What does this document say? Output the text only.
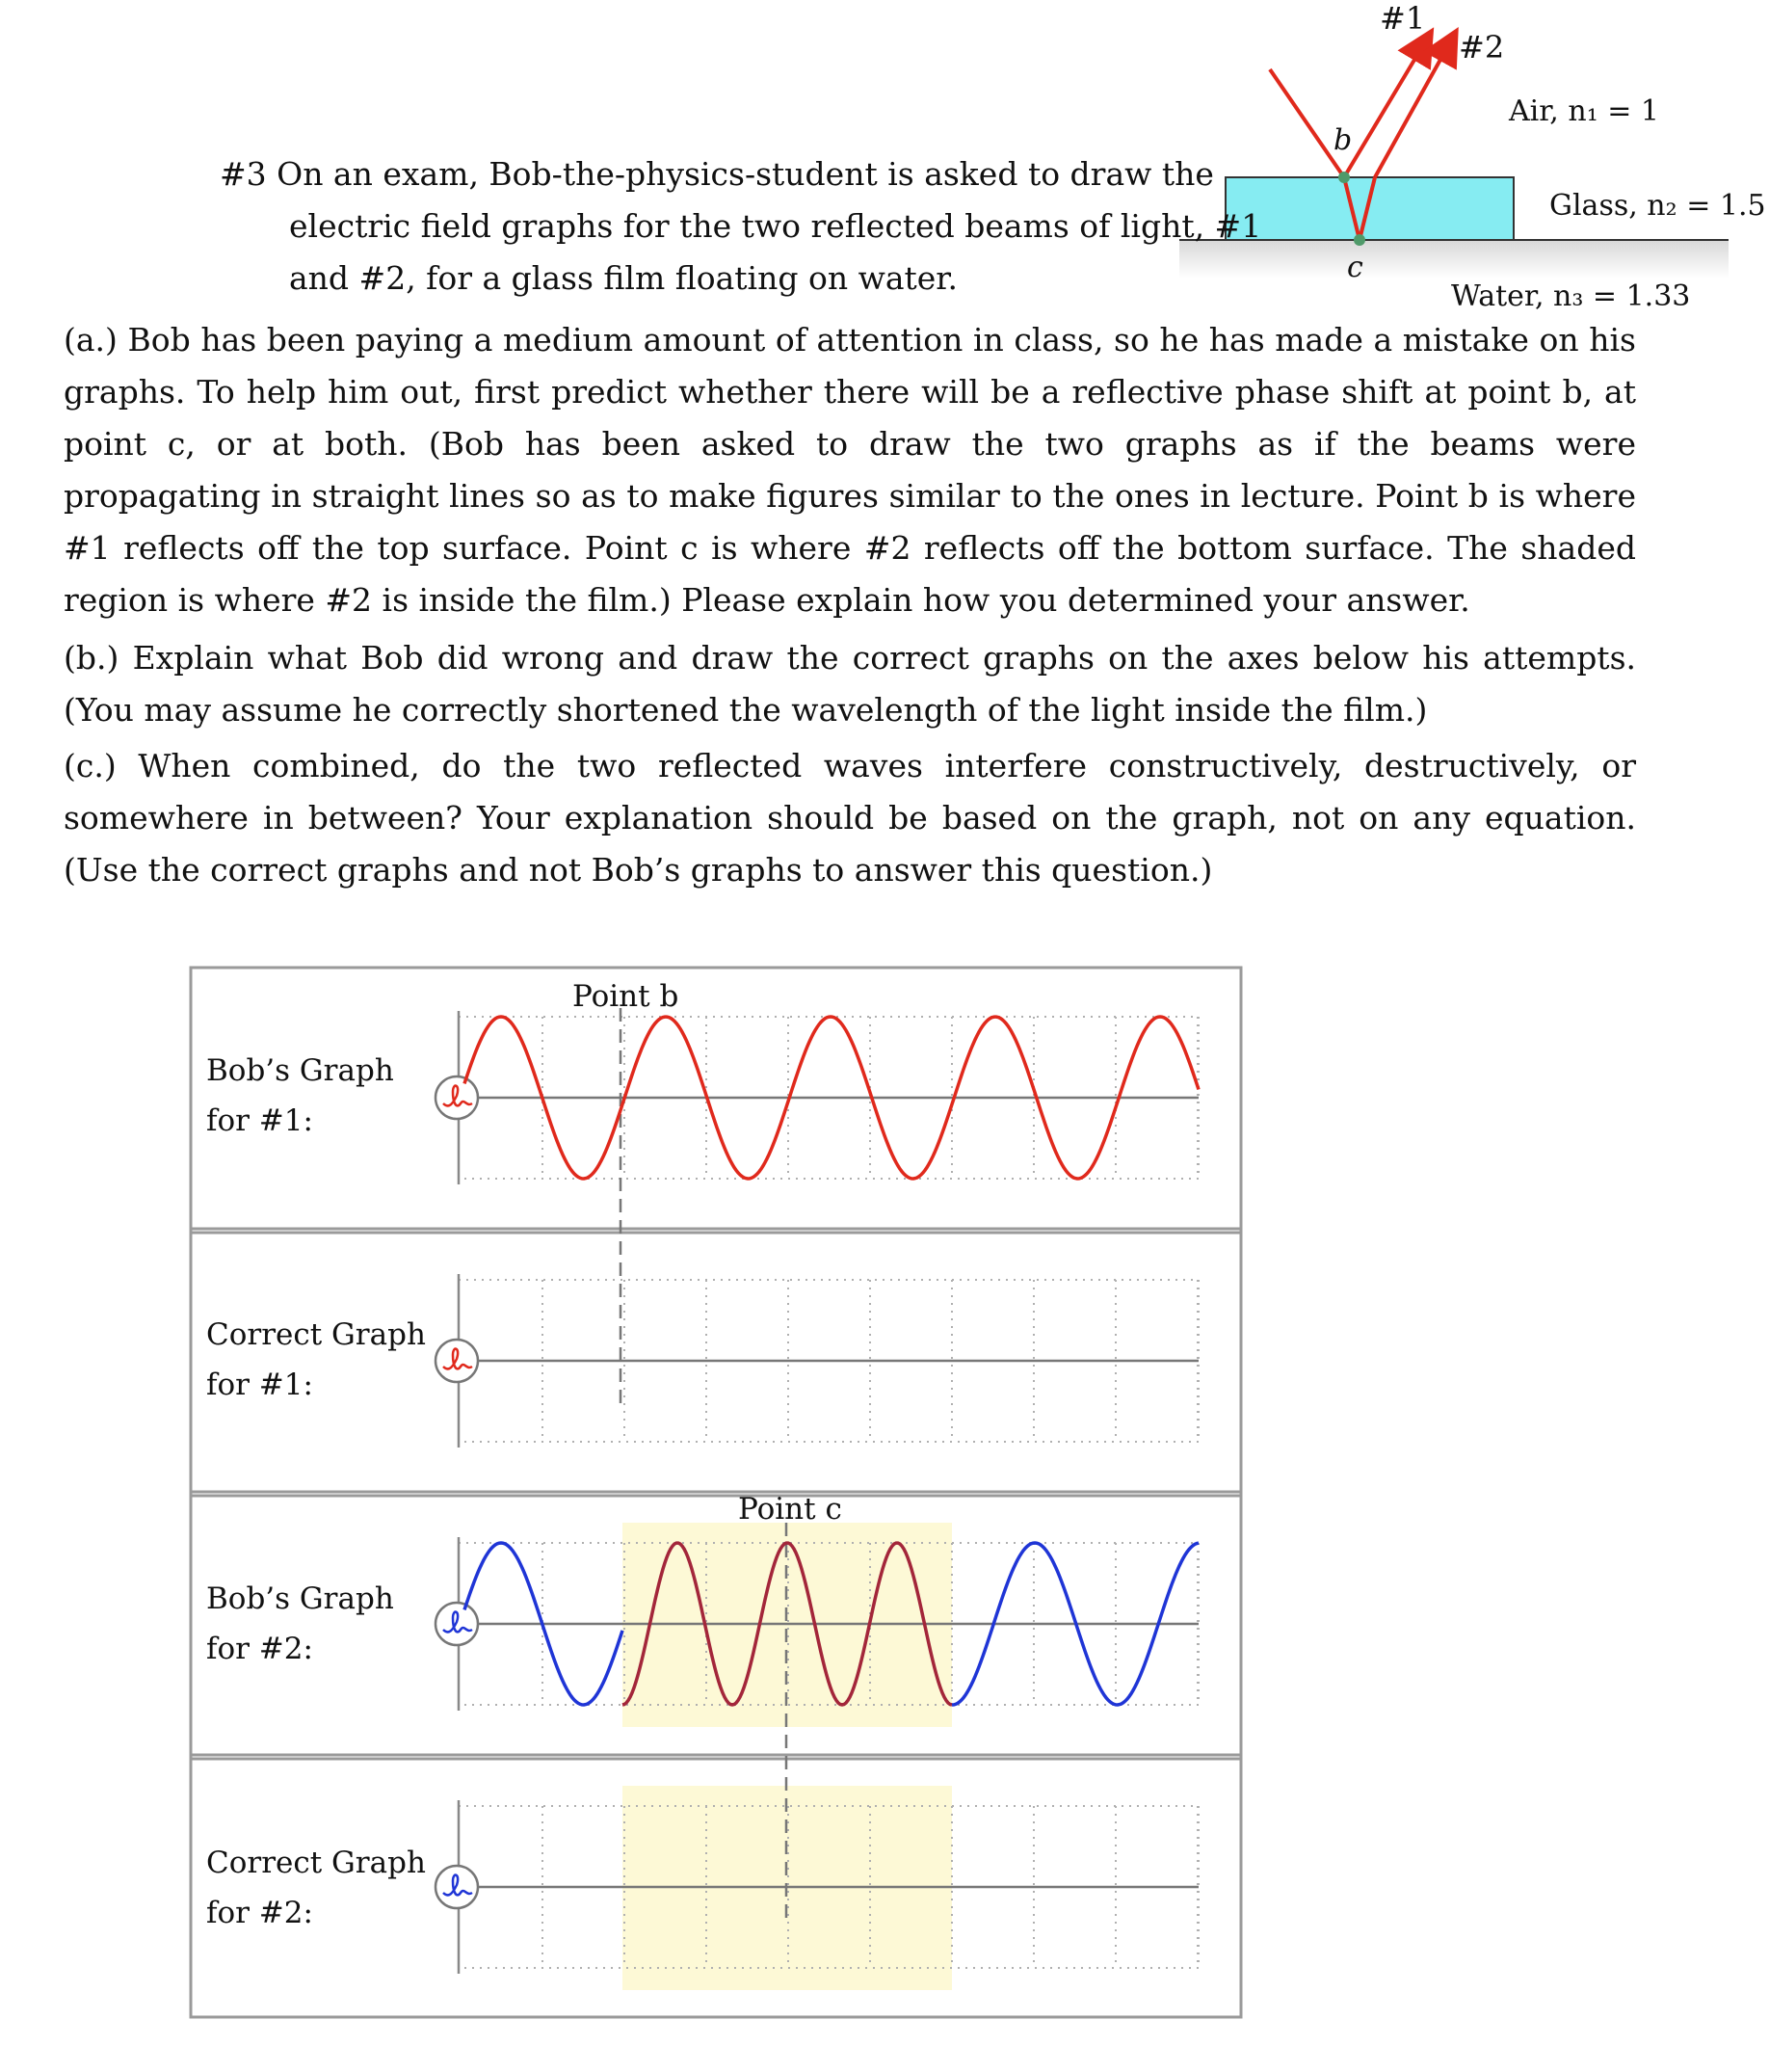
#1
#2
Air, n₁ = 1
b
Glass, n₂ = 1.5
c
Water, n₃ = 1.33
#3 On an exam, Bob-the-physics-student is asked to draw the
electric field graphs for the two reflected beams of light, #1
and #2, for a glass film floating on water.
(a.) Bob has been paying a medium amount of attention in class, so he has made a mistake on his graphs. To help him out, first predict whether there will be a reflective phase shift at point b, at point c, or at both. (Bob has been asked to draw the two graphs as if the beams were propagating in straight lines so as to make figures similar to the ones in lecture. Point b is where #1 reflects off the top surface. Point c is where #2 reflects off the bottom surface. The shaded region is where #2 is inside the film.) Please explain how you determined your answer.
(b.) Explain what Bob did wrong and draw the correct graphs on the axes below his attempts. (You may assume he correctly shortened the wavelength of the light inside the film.)
(c.) When combined, do the two reflected waves interfere constructively, destructively, or somewhere in between? Your explanation should be based on the graph, not on any equation. (Use the correct graphs and not Bob’s graphs to answer this question.)
Bob’s Graph
for #1:
Correct Graph
for #1:
Bob’s Graph
for #2:
Correct Graph
for #2:
Point b
Point c
